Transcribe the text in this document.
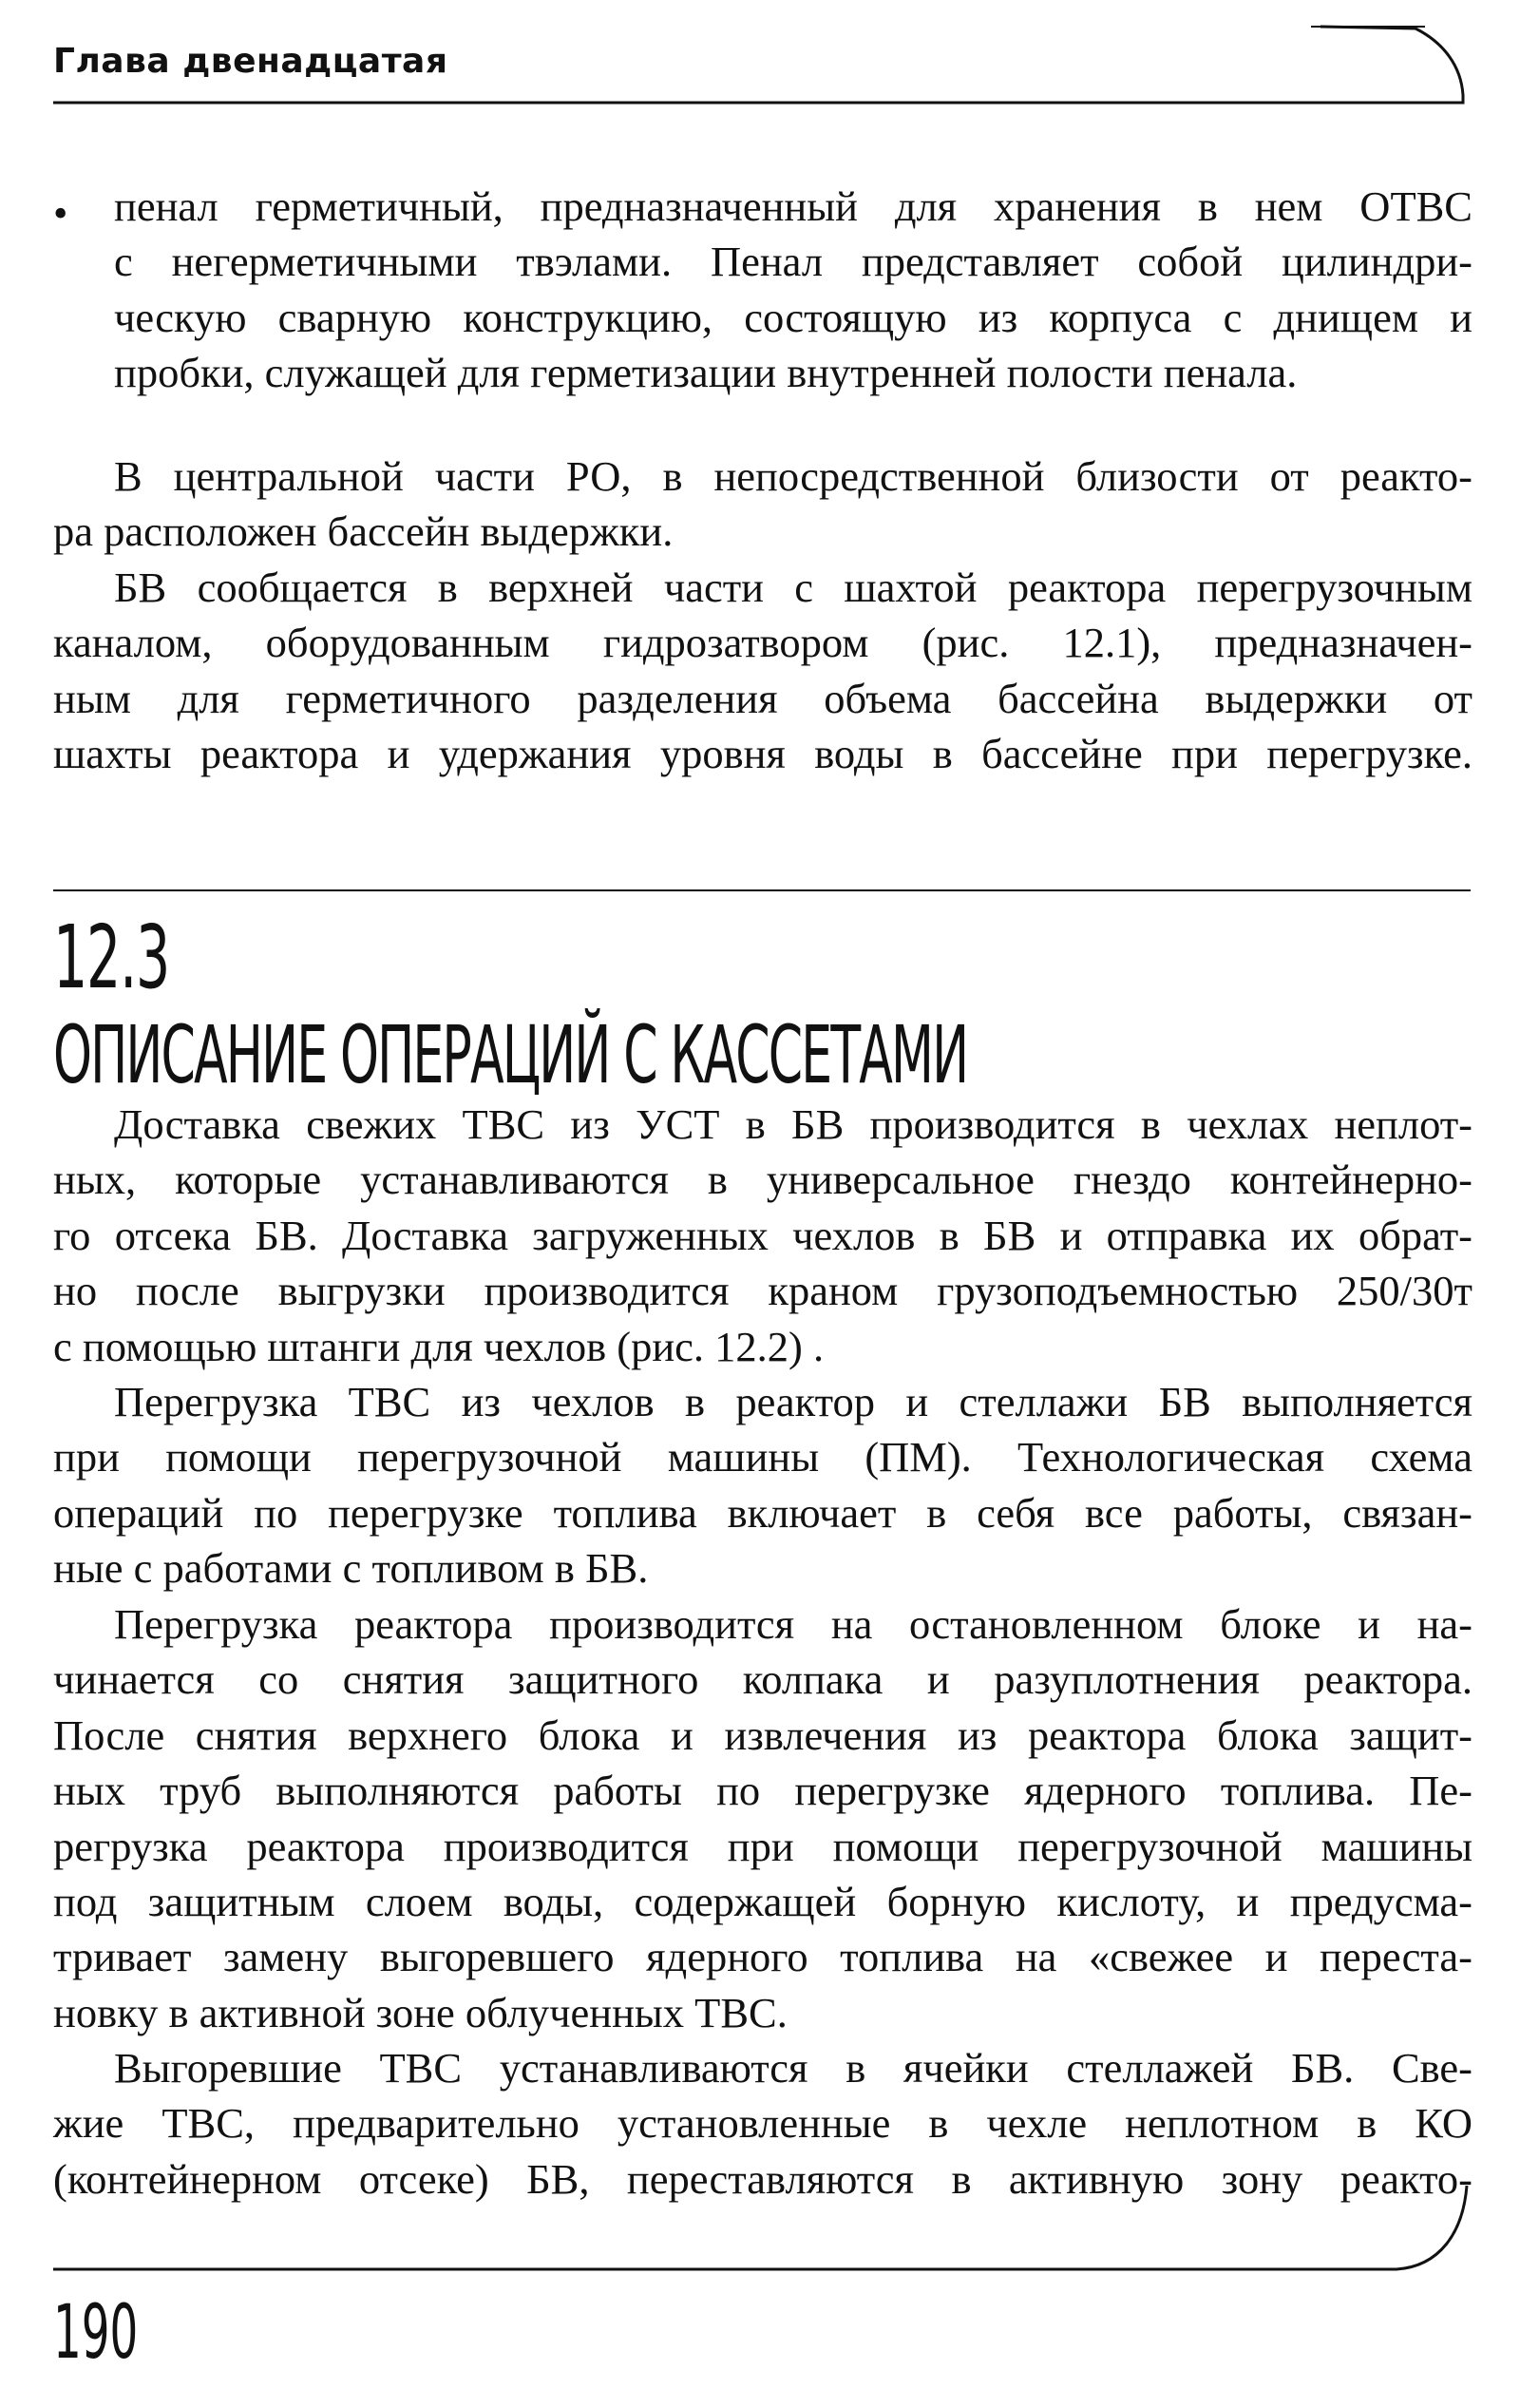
Глава двенадцатая
• пенал герметичный, предназначенный для хранения в нем ОТВС
с негерметичными твэлами. Пенал представляет собой цилиндри-
ческую сварную конструкцию, состоящую из корпуса с днищем и
пробки, служащей для герметизации внутренней полости пенала.
В центральной части РО, в непосредственной близости от реакто-
ра расположен бассейн выдержки.
БВ сообщается в верхней части с шахтой реактора перегрузочным
каналом, оборудованным гидрозатвором (рис. 12.1), предназначен-
ным для герметичного разделения объема бассейна выдержки от
шахты реактора и удержания уровня воды в бассейне при перегрузке.
12.3
ОПИСАНИЕ ОПЕРАЦИЙ С КАССЕТАМИ
Доставка свежих ТВС из УСТ в БВ производится в чехлах неплот-
ных, которые устанавливаются в универсальное гнездо контейнерно-
го отсека БВ. Доставка загруженных чехлов в БВ и отправка их обрат-
но после выгрузки производится краном грузоподъемностью 250/30т
с помощью штанги для чехлов (рис. 12.2) .
Перегрузка ТВС из чехлов в реактор и стеллажи БВ выполняется
при помощи перегрузочной машины (ПМ). Технологическая схема
операций по перегрузке топлива включает в себя все работы, связан-
ные с работами с топливом в БВ.
Перегрузка реактора производится на остановленном блоке и на-
чинается со снятия защитного колпака и разуплотнения реактора.
После снятия верхнего блока и извлечения из реактора блока защит-
ных труб выполняются работы по перегрузке ядерного топлива. Пе-
регрузка реактора производится при помощи перегрузочной машины
под защитным слоем воды, содержащей борную кислоту, и предусма-
тривает замену выгоревшего ядерного топлива на «свежее и переста-
новку в активной зоне облученных ТВС.
Выгоревшие ТВС устанавливаются в ячейки стеллажей БВ. Све-
жие ТВС, предварительно установленные в чехле неплотном в КО
(контейнерном отсеке) БВ, переставляются в активную зону реакто-
190
